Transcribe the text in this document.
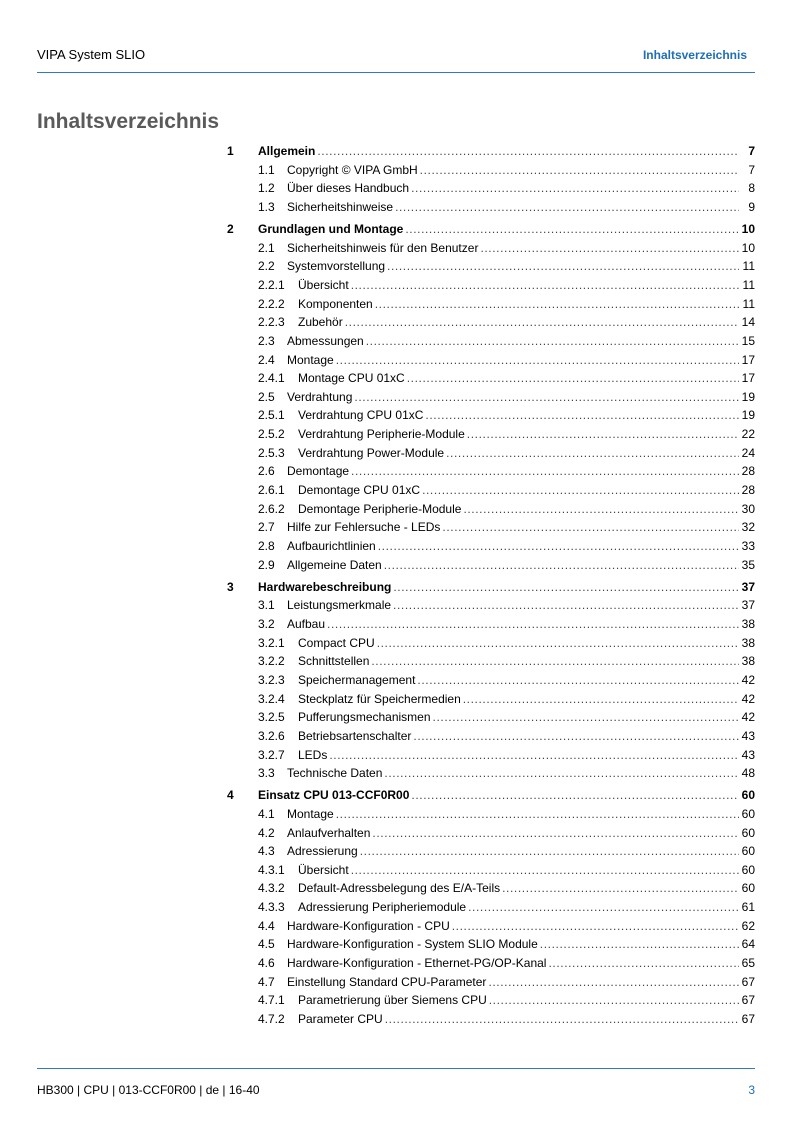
VIPA System SLIO	Inhaltsverzeichnis
Inhaltsverzeichnis
1 Allgemein .....	7
1.1 Copyright © VIPA GmbH .....	7
1.2 Über dieses Handbuch .....	8
1.3 Sicherheitshinweise .....	9
2 Grundlagen und Montage .....	10
2.1 Sicherheitshinweis für den Benutzer .....	10
2.2 Systemvorstellung .....	11
2.2.1 Übersicht .....	11
2.2.2 Komponenten .....	11
2.2.3 Zubehör .....	14
2.3 Abmessungen .....	15
2.4 Montage .....	17
2.4.1 Montage CPU 01xC .....	17
2.5 Verdrahtung .....	19
2.5.1 Verdrahtung CPU 01xC .....	19
2.5.2 Verdrahtung Peripherie-Module .....	22
2.5.3 Verdrahtung Power-Module .....	24
2.6 Demontage .....	28
2.6.1 Demontage CPU 01xC .....	28
2.6.2 Demontage Peripherie-Module .....	30
2.7 Hilfe zur Fehlersuche - LEDs .....	32
2.8 Aufbaurichtlinien .....	33
2.9 Allgemeine Daten .....	35
3 Hardwarebeschreibung .....	37
3.1 Leistungsmerkmale .....	37
3.2 Aufbau .....	38
3.2.1 Compact CPU .....	38
3.2.2 Schnittstellen .....	38
3.2.3 Speichermanagement .....	42
3.2.4 Steckplatz für Speichermedien .....	42
3.2.5 Pufferungsmechanismen .....	42
3.2.6 Betriebsartenschalter .....	43
3.2.7 LEDs .....	43
3.3 Technische Daten .....	48
4 Einsatz CPU 013-CCF0R00 .....	60
4.1 Montage .....	60
4.2 Anlaufverhalten .....	60
4.3 Adressierung .....	60
4.3.1 Übersicht .....	60
4.3.2 Default-Adressbelegung des E/A-Teils .....	60
4.3.3 Adressierung Peripheriemodule .....	61
4.4 Hardware-Konfiguration - CPU .....	62
4.5 Hardware-Konfiguration - System SLIO Module .....	64
4.6 Hardware-Konfiguration - Ethernet-PG/OP-Kanal .....	65
4.7 Einstellung Standard CPU-Parameter .....	67
4.7.1 Parametrierung über Siemens CPU .....	67
4.7.2 Parameter CPU .....	67
HB300 | CPU | 013-CCF0R00 | de | 16-40	3
